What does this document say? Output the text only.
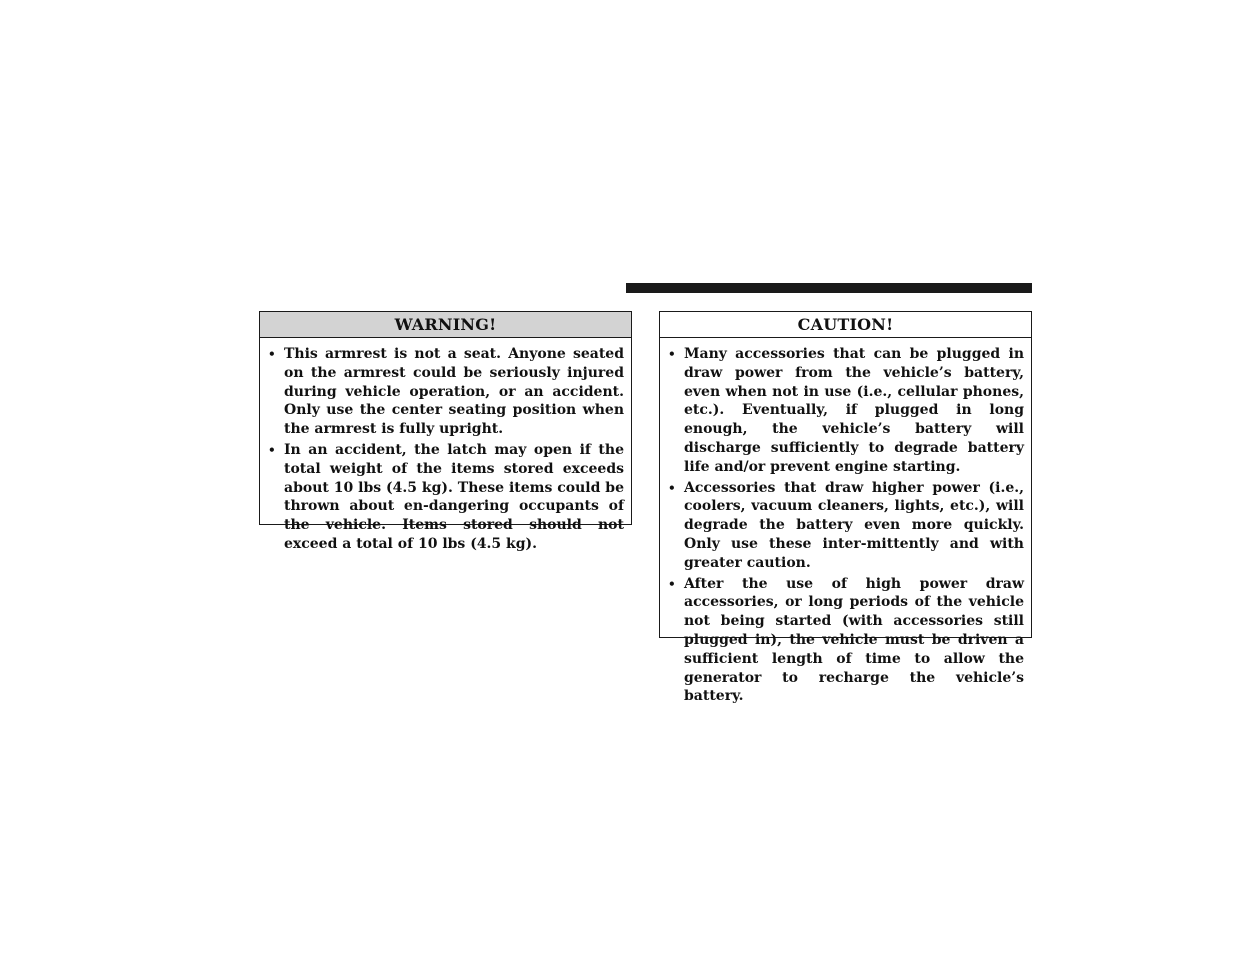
WARNING!
• This armrest is not a seat. Anyone seated on the armrest could be seriously injured during vehicle operation, or an accident. Only use the center seating position when the armrest is fully upright.
• In an accident, the latch may open if the total weight of the items stored exceeds about 10 lbs (4.5 kg). These items could be thrown about en-dangering occupants of the vehicle. Items stored should not exceed a total of 10 lbs (4.5 kg).
CAUTION!
• Many accessories that can be plugged in draw power from the vehicle’s battery, even when not in use (i.e., cellular phones, etc.). Eventually, if plugged in long enough, the vehicle’s battery will discharge sufficiently to degrade battery life and/or prevent engine starting.
• Accessories that draw higher power (i.e., coolers, vacuum cleaners, lights, etc.), will degrade the battery even more quickly. Only use these inter-mittently and with greater caution.
• After the use of high power draw accessories, or long periods of the vehicle not being started (with accessories still plugged in), the vehicle must be driven a sufficient length of time to allow the generator to recharge the vehicle’s battery.
